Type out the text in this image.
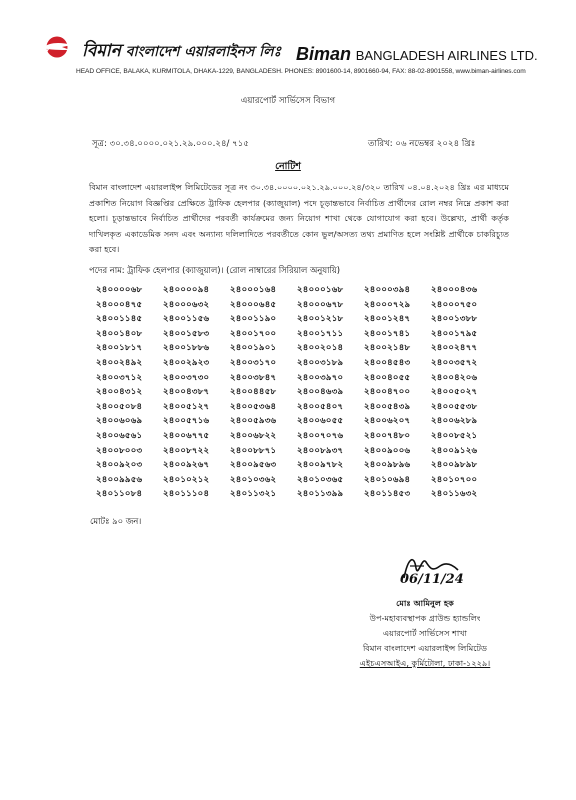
বিমান বাংলাদেশ এয়ারলাইনস লিঃ Biman BANGLADESH AIRLINES LTD.
HEAD OFFICE, BALAKA, KURMITOLA, DHAKA-1229, BANGLADESH. PHONES: 8901600-14, 8901660-94, FAX: 88-02-8901558, www.biman-airlines.com
এয়ারপোর্ট সার্ভিসেস বিভাগ
সূত্র: ৩০.৩৪.০০০০.০২১.২৯.০০০.২৪/ ৭১৫	তারিখ: ০৬ নভেম্বর ২০২৪ খ্রিঃ
নোটিশ
বিমান বাংলাদেশ এয়ারলাইন্স লিমিটেডের সূত্র নং ৩০.৩৪.০০০০.০২১.২৯.০০০.২৪/৩২০ তারিখ ০৪.০৪.২০২৪ খ্রিঃ এর মাধ্যমে প্রকাশিত নিয়োগ বিজ্ঞপ্তির প্রেক্ষিতে ট্রাফিক হেলপার (ক্যাজুয়াল) পদে চূড়ান্তভাবে নির্বাচিত প্রার্থীদের রোল নম্বর নিম্নে প্রকাশ করা হলো। চূড়ান্তভাবে নির্বাচিত প্রার্থীদের পরবর্তী কার্যক্রমের জন্য নিয়োগ শাখা থেকে যোগাযোগ করা হবে। উল্লেখ্য, প্রার্থী কর্তৃক দাখিলকৃত একাডেমিক সনদ এবং অন্যান্য দলিলাদিতে পরবর্তীতে কোন ভুল/অসত্য তথ্য প্রমাণিত হলে সংশ্লিষ্ট প্রার্থীকে চাকরিচ্যুত করা হবে।
পদের নাম: ট্রাফিক হেলপার (ক্যাজুয়াল)। (রোল নাম্বারের সিরিয়াল অনুযায়ি)
২৪০০০০৬৮	২৪০০০০৯৪	২৪০০০১৬৪	২৪০০০১৬৮	২৪০০০৩৯৪	২৪০০০৪৩৬
২৪০০০৪৭৫	২৪০০০৬৩২	২৪০০০৬৪৫	২৪০০০৬৭৮	২৪০০০৭২৯	২৪০০০৭৫০
২৪০০১১৪৫	২৪০০১১৫৬	২৪০০১১৯০	২৪০০১২১৮	২৪০০১২৪৭	২৪০০১৩৮৮
২৪০০১৪০৮	২৪০০১৫৮৩	২৪০০১৭০০	২৪০০১৭১১	২৪০০১৭৪১	২৪০০১৭৯৫
২৪০০১৮১৭	২৪০০১৮৮৬	২৪০০১৯০১	২৪০০২০১৪	২৪০০২১৪৮	২৪০০২৪৭৭
২৪০০২৪৯২	২৪০০২৯২৩	২৪০০৩১৭০	২৪০০৩১৮৯	২৪০০৪৫৪৩	২৪০০৩৫৭২
২৪০০৩৭১২	২৪০০৩৭৩০	২৪০০৩৮৪৭	২৪০০৩৯৭০	২৪০০৪০৫৫	২৪০০৪২০৬
২৪০০৪৩১২	২৪০০৪৩৮৭	২৪০০৪৪৫৮	২৪০০৪৬৩৯	২৪০০৪৭০০	২৪০০৫০২৭
২৪০০৫০৮৪	২৪০০৫১২৭	২৪০০৫৩৬৪	২৪০০৫৪০৭	২৪০০৫৪৩৯	২৪০০৫৫৩৮
২৪০০৬০৬৯	২৪০০৫৭১৬	২৪০০৫৯৩৬	২৪০০৬০৫৫	২৪০০৬২০৭	২৪০০৬২৮৯
২৪০০৬৫৬১	২৪০০৬৭৭৫	২৪০০৬৮২২	২৪০০৭০৭৬	২৪০০৭৪৮০	২৪০০৮৫২১
২৪০০৮০০৩	২৪০০৮৭২২	২৪০০৮৮৭১	২৪০০৮৯৩৭	২৪০০৯০০৬	২৪০০৯১২৬
২৪০০৯২০৩	২৪০০৯২৬৭	২৪০০৯৫৬৩	২৪০০৯৭৮২	২৪০০৯৮৯৬	২৪০০৯৮৯৮
২৪০০৯৯৫৬	২৪০১০২১২	২৪০১০৩৬২	২৪০১০৩৬৫	২৪০১০৬৯৪	২৪০১০৭০০
২৪০১১০৮৪	২৪০১১১০৪	২৪০১১৩২১	২৪০১১৩৯৯	২৪০১১৪৫৩	২৪০১১৬৩২
মোটঃ ৯০ জন।
06/11/24
মোঃ আমিনুল হক
উপ-মহাব্যবস্থাপক গ্রাউন্ড হ্যান্ডলিং
এয়ারপোর্ট সার্ভিসেস শাখা
বিমান বাংলাদেশ এয়ারলাইন্স লিমিটেড
এইচএসআইএ, কুর্মিটোলা, ঢাকা-১২২৯।
